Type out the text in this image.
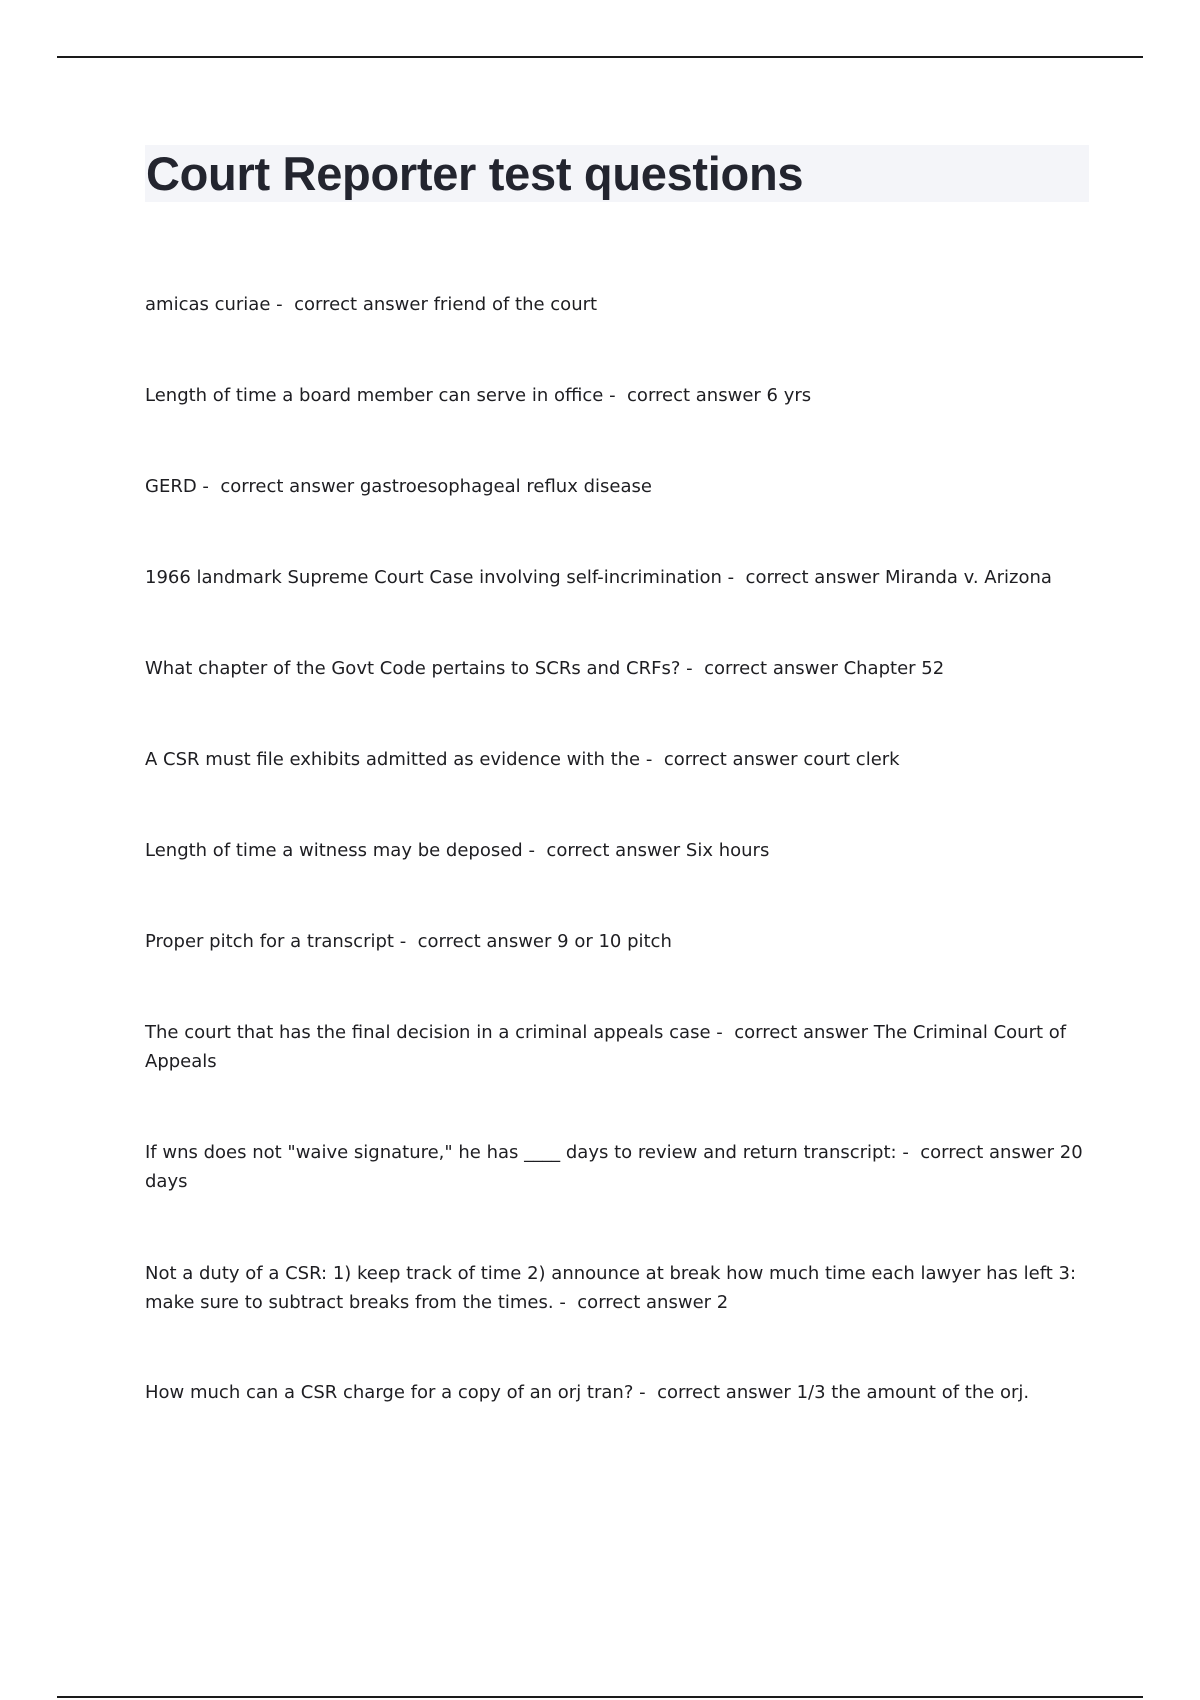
Court Reporter test questions

amicas curiae -  correct answer friend of the court

Length of time a board member can serve in office -  correct answer 6 yrs

GERD -  correct answer gastroesophageal reflux disease

1966 landmark Supreme Court Case involving self-incrimination -  correct answer Miranda v. Arizona

What chapter of the Govt Code pertains to SCRs and CRFs? -  correct answer Chapter 52

A CSR must file exhibits admitted as evidence with the -  correct answer court clerk

Length of time a witness may be deposed -  correct answer Six hours

Proper pitch for a transcript -  correct answer 9 or 10 pitch

The court that has the final decision in a criminal appeals case -  correct answer The Criminal Court of Appeals

If wns does not "waive signature," he has ____ days to review and return transcript: -  correct answer 20 days

Not a duty of a CSR: 1) keep track of time 2) announce at break how much time each lawyer has left 3: make sure to subtract breaks from the times. -  correct answer 2

How much can a CSR charge for a copy of an orj tran? -  correct answer 1/3 the amount of the orj.
